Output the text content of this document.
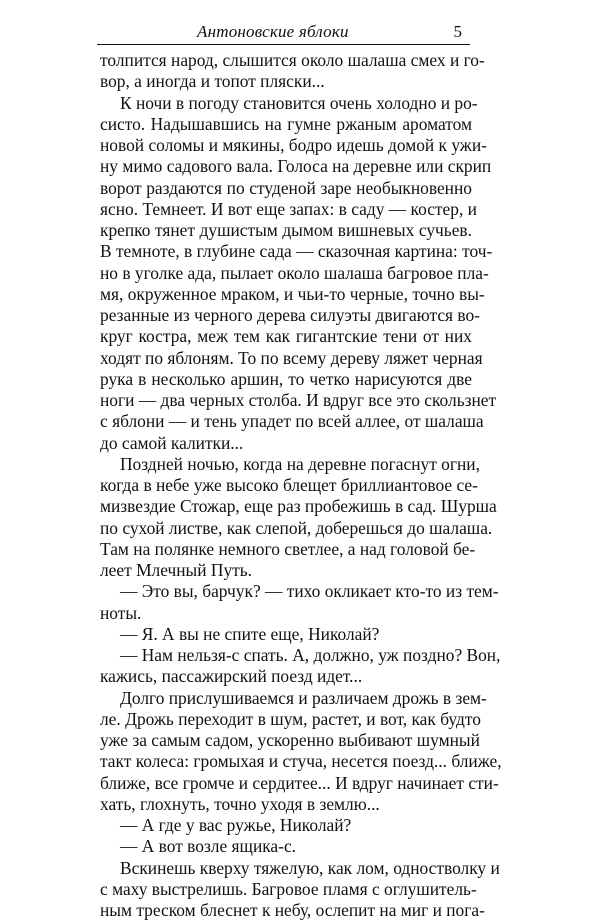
Антоновские яблоки	5
толпится народ, слышится около шалаша смех и го-
вор, а иногда и топот пляски...
К ночи в погоду становится очень холодно и ро-
систо. Надышавшись на гумне ржаным ароматом
новой соломы и мякины, бодро идешь домой к ужи-
ну мимо садового вала. Голоса на деревне или скрип
ворот раздаются по студеной заре необыкновенно
ясно. Темнеет. И вот еще запах: в саду — костер, и
крепко тянет душистым дымом вишневых сучьев.
В темноте, в глубине сада — сказочная картина: точ-
но в уголке ада, пылает около шалаша багровое пла-
мя, окруженное мраком, и чьи-то черные, точно вы-
резанные из черного дерева силуэты двигаются во-
круг костра, меж тем как гигантские тени от них
ходят по яблоням. То по всему дереву ляжет черная
рука в несколько аршин, то четко нарисуются две
ноги — два черных столба. И вдруг все это скользнет
с яблони — и тень упадет по всей аллее, от шалаша
до самой калитки...
Поздней ночью, когда на деревне погаснут огни,
когда в небе уже высоко блещет бриллиантовое се-
мизвездие Стожар, еще раз пробежишь в сад. Шурша
по сухой листве, как слепой, доберешься до шалаша.
Там на полянке немного светлее, а над головой бе-
леет Млечный Путь.
— Это вы, барчук? — тихо окликает кто-то из тем-
ноты.
— Я. А вы не спите еще, Николай?
— Нам нельзя-с спать. А, должно, уж поздно? Вон,
кажись, пассажирский поезд идет...
Долго прислушиваемся и различаем дрожь в зем-
ле. Дрожь переходит в шум, растет, и вот, как будто
уже за самым садом, ускоренно выбивают шумный
такт колеса: громыхая и стуча, несется поезд... ближе,
ближе, все громче и сердитее... И вдруг начинает сти-
хать, глохнуть, точно уходя в землю...
— А где у вас ружье, Николай?
— А вот возле ящика-с.
Вскинешь кверху тяжелую, как лом, одностволку и
с маху выстрелишь. Багровое пламя с оглушитель-
ным треском блеснет к небу, ослепит на миг и пога-
